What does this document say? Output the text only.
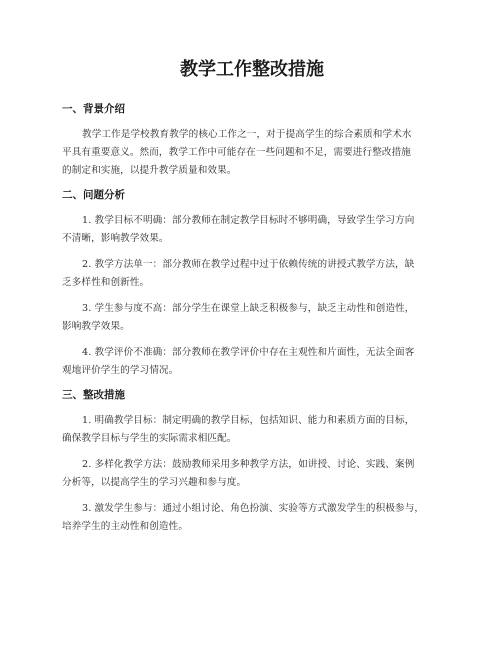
教学工作整改措施
一、背景介绍

教学工作是学校教育教学的核心工作之一，对于提高学生的综合素质和学术水
平具有重要意义。然而，教学工作中可能存在一些问题和不足，需要进行整改措施
的制定和实施，以提升教学质量和效果。

二、问题分析

1. 教学目标不明确：部分教师在制定教学目标时不够明确，导致学生学习方向
不清晰，影响教学效果。

2. 教学方法单一：部分教师在教学过程中过于依赖传统的讲授式教学方法，缺
乏多样性和创新性。

3. 学生参与度不高：部分学生在课堂上缺乏积极参与，缺乏主动性和创造性，
影响教学效果。

4. 教学评价不准确：部分教师在教学评价中存在主观性和片面性，无法全面客
观地评价学生的学习情况。

三、整改措施

1. 明确教学目标：制定明确的教学目标，包括知识、能力和素质方面的目标，
确保教学目标与学生的实际需求相匹配。

2. 多样化教学方法：鼓励教师采用多种教学方法，如讲授、讨论、实践、案例
分析等，以提高学生的学习兴趣和参与度。

3. 激发学生参与：通过小组讨论、角色扮演、实验等方式激发学生的积极参与，
培养学生的主动性和创造性。
